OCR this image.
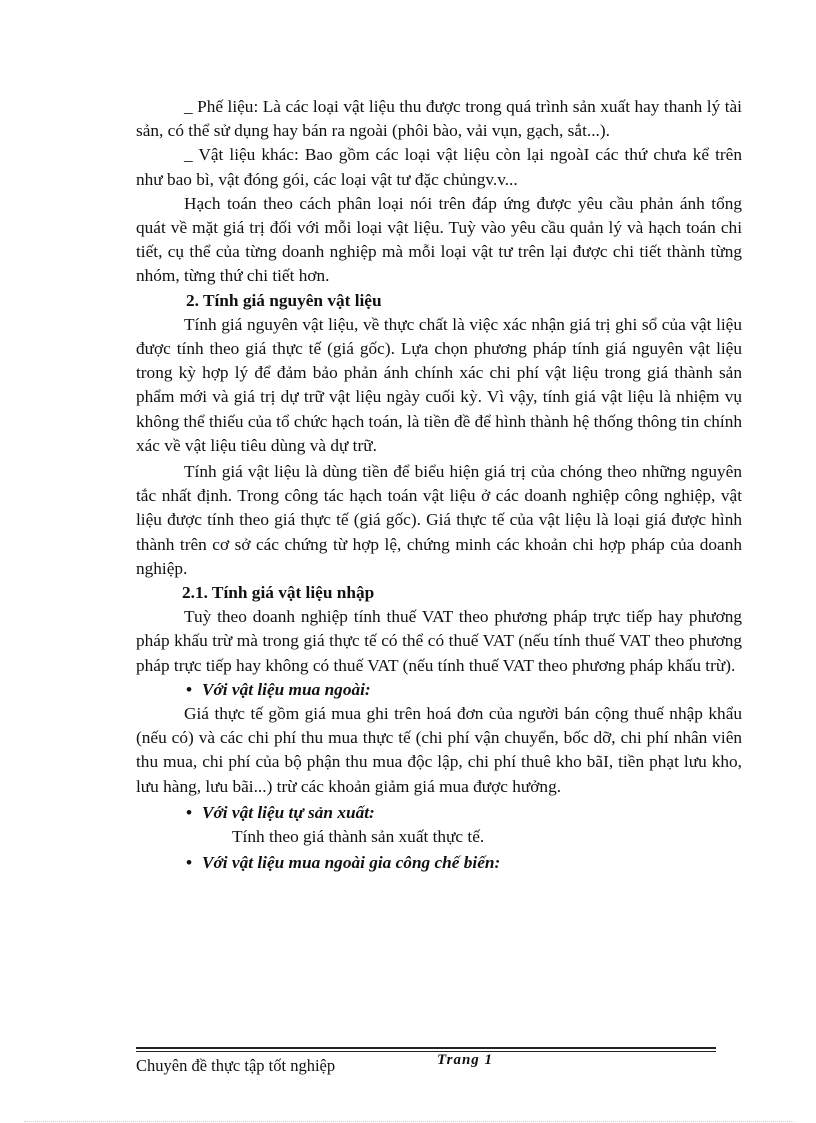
_ Phế liệu: Là các loại vật liệu thu được trong quá trình sản xuất hay thanh lý tài sản, có thể sử dụng hay bán ra ngoài (phôi bào, vải vụn, gạch, sắt...).

_ Vật liệu khác: Bao gồm các loại vật liệu còn lại ngoàI các thứ chưa kể trên như bao bì, vật đóng gói, các loại vật tư đặc chủngv.v...

Hạch toán theo cách phân loại nói trên đáp ứng được yêu cầu phản ánh tổng quát về mặt giá trị đối với mỗi loại vật liệu. Tuỳ vào yêu cầu quản lý và hạch toán chi tiết, cụ thể của từng doanh nghiệp mà mỗi loại vật tư trên lại được chi tiết thành từng nhóm, từng thứ chi tiết hơn.

2. Tính giá nguyên vật liệu

Tính giá nguyên vật liệu, về thực chất là việc xác nhận giá trị ghi sổ của vật liệu được tính theo giá thực tế (giá gốc). Lựa chọn phương pháp tính giá nguyên vật liệu trong kỳ hợp lý để đảm bảo phản ánh chính xác chi phí vật liệu trong giá thành sản phẩm mới và giá trị dự trữ vật liệu ngày cuối kỳ. Vì vậy, tính giá vật liệu là nhiệm vụ không thể thiếu của tổ chức hạch toán, là tiền đề để hình thành hệ thống thông tin chính xác về vật liệu tiêu dùng và dự trữ.

Tính giá vật liệu là dùng tiền để biểu hiện giá trị của chóng theo những nguyên tắc nhất định. Trong công tác hạch toán vật liệu ở các doanh nghiệp công nghiệp, vật liệu được tính theo giá thực tế (giá gốc). Giá thực tế của vật liệu là loại giá được hình thành trên cơ sở các chứng từ hợp lệ, chứng minh các khoản chi hợp pháp của doanh nghiệp.

2.1. Tính giá vật liệu nhập

Tuỳ theo doanh nghiệp tính thuế VAT theo phương pháp trực tiếp hay phương pháp khấu trừ mà trong giá thực tế có thể có thuế VAT (nếu tính thuế VAT theo phương pháp trực tiếp hay không có thuế VAT (nếu tính thuế VAT theo phương pháp khấu trừ).

• Với vật liệu mua ngoài:

Giá thực tế gồm giá mua ghi trên hoá đơn của người bán cộng thuế nhập khẩu (nếu có) và các chi phí thu mua thực tế (chi phí vận chuyển, bốc dỡ, chi phí nhân viên thu mua, chi phí của bộ phận thu mua độc lập, chi phí thuê kho bãI, tiền phạt lưu kho, lưu hàng, lưu bãi...) trừ các khoản giảm giá mua được hưởng.

• Với vật liệu tự sản xuất:

Tính theo giá thành sản xuất thực tế.

• Với vật liệu mua ngoài gia công chế biến:

Chuyên đề thực tập tốt nghiệp	Trang 1
